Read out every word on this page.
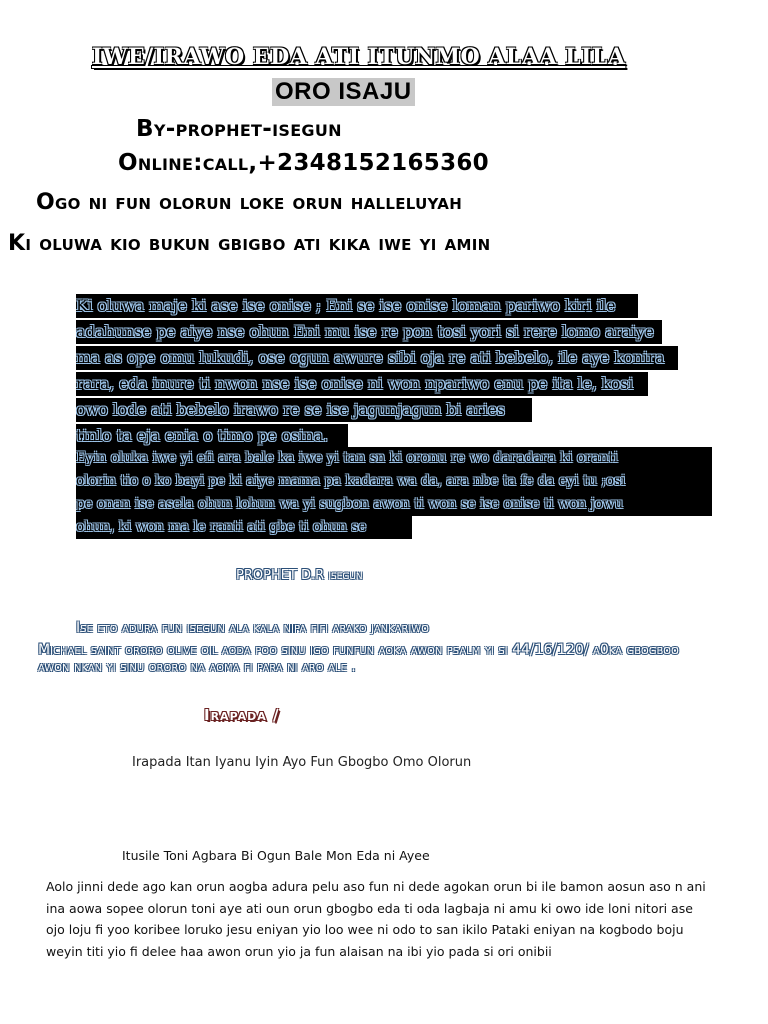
IWE/IRAWO EDA ATI ITUNMO ALAA LILA
ORO ISAJU
By-prophet-isegun
Online:call,+2348152165360
Ogo ni fun olorun loke orun halleluyah
Ki oluwa kio bukun gbigbo ati kika iwe yi amin
Ki oluwa maje ki ase ise onise ; Eni se ise onise loman pariwo kiri ile
adahunse pe aiye nse ohun Eni mu ise re pon tosi yori si rere lomo araiye
ma as ope omu lukudi, ose ogun awure sibi oja re ati bebelo, ile aye konira
rara, eda inure ti nwon nse ise onise ni won npariwo enu pe ita le, kosi
owo lode ati bebelo irawo re se ise jagunjagun bi aries
tinlo ta eja enia o timo pe osina.
Eyin oluka iwe yi efi ara bale ka iwe yi tan sn ki oronu re wo daradara ki oranti
olorin tio o ko bayi pe ki aiye mama pa kadara wa da, ara nbe ta fe da eyi tu ;osi
pe onan ise asela ohun lohun wa yi sugbon awon ti won se ise onise ti won jowu
ohun, ki won ma le ranti ati gbe ti ohun se
PROPHET D.R isegun
Ise eto adura fun isegun ala kala nipa fifi arako jankariwo
Michael saint ororo olive oil aoda poo sinu igo funfun aoka awon psalm yi si 44/16/120/ a0ka gbogboo awon nkan yi sinu ororo na aoma fi para ni aro ale .
Irapada /
Irapada Itan Iyanu Iyin Ayo Fun Gbogbo Omo Olorun
Itusile Toni Agbara Bi Ogun Bale Mon Eda ni Ayee
Aolo jinni dede ago kan orun aogba adura pelu aso fun ni dede agokan orun bi ile bamon aosun aso n ani
ina aowa sopee olorun toni aye ati oun orun gbogbo eda ti oda lagbaja ni amu ki owo ide loni nitori ase
ojo loju fi yoo koribee loruko jesu eniyan yio loo wee ni odo to san ikilo Pataki eniyan na kogbodo boju
weyin titi yio fi delee haa awon orun yio ja fun alaisan na ibi yio pada si ori onibii
